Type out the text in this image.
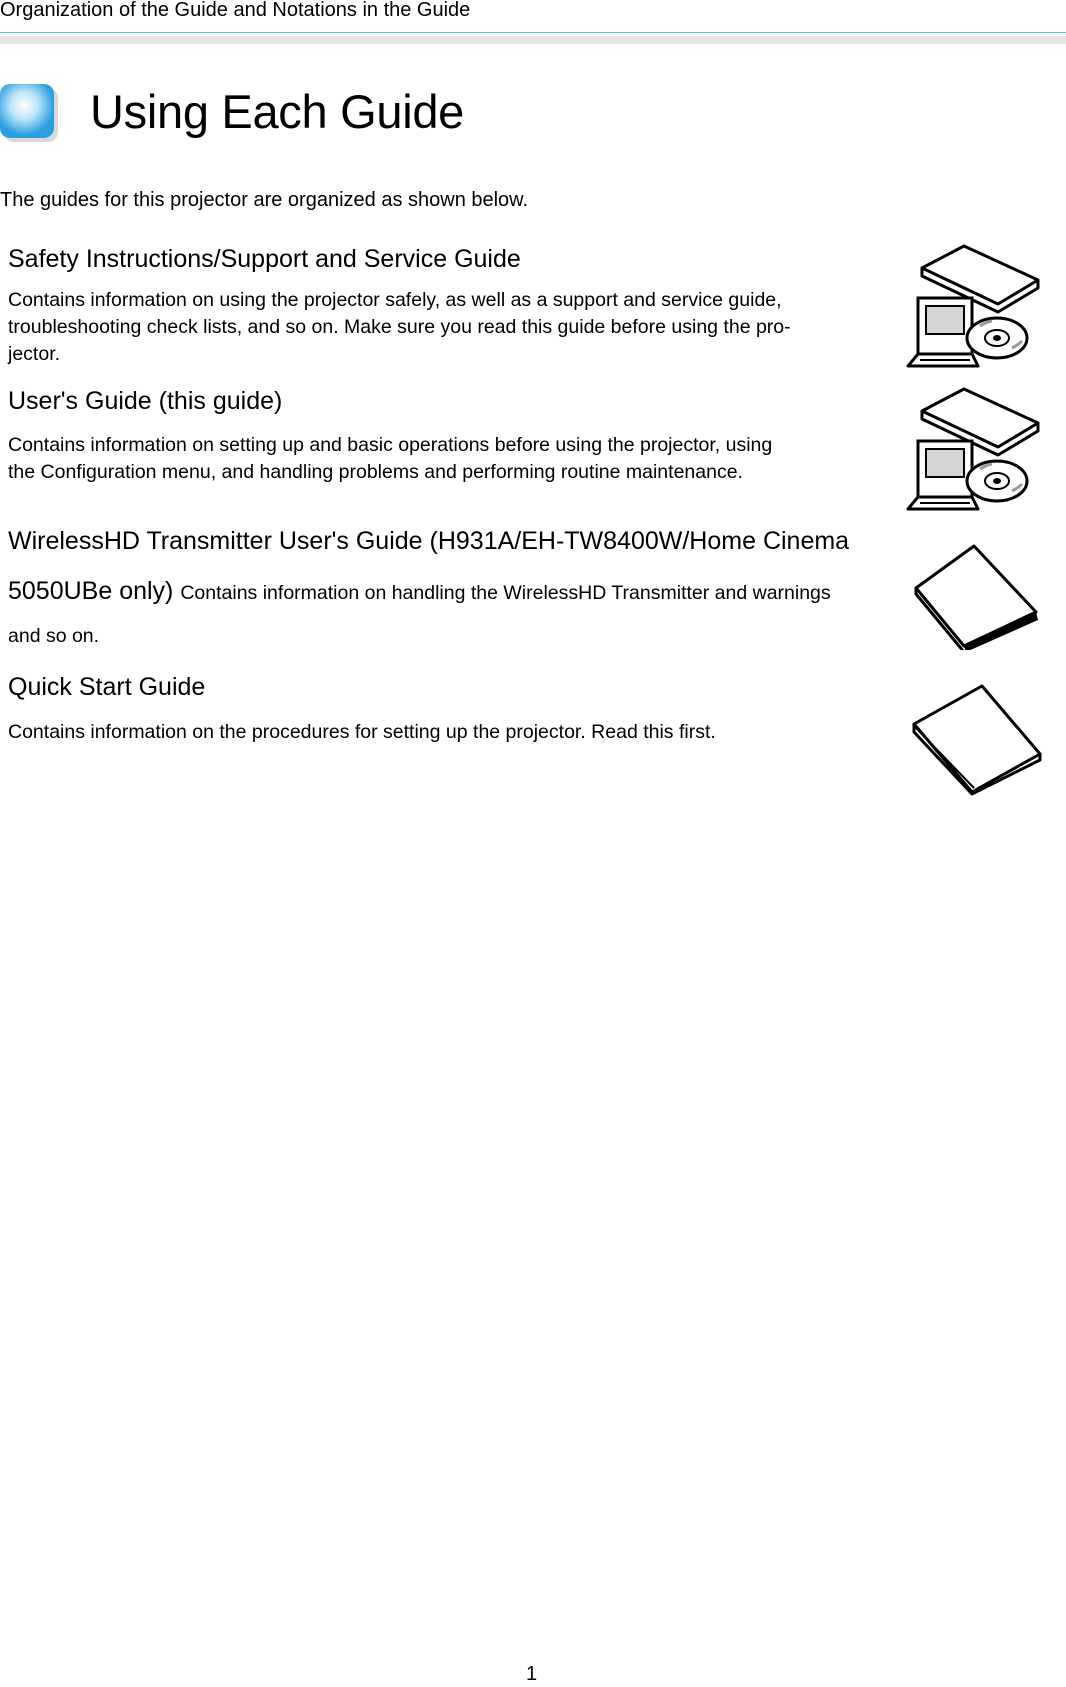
Organization of the Guide and Notations in the Guide
Using Each Guide
The guides for this projector are organized as shown below.
Safety Instructions/Support and Service Guide
Contains information on using the projector safely, as well as a support and service guide,
troubleshooting check lists, and so on. Make sure you read this guide before using the pro-
jector.
User's Guide (this guide)
Contains information on setting up and basic operations before using the projector, using
the Configuration menu, and handling problems and performing routine maintenance.
WirelessHD Transmitter User's Guide (H931A/EH-TW8400W/Home Cinema
5050UBe only) Contains information on handling the WirelessHD Transmitter and warnings
and so on.
Quick Start Guide
Contains information on the procedures for setting up the projector. Read this first.
1
